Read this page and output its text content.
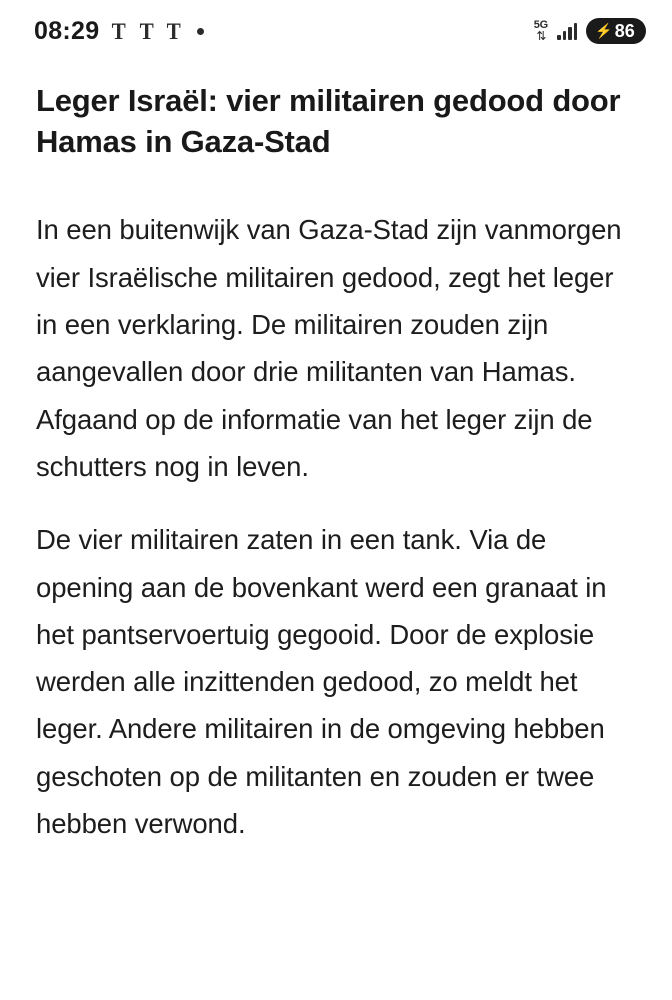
08:29 T T T	5G
⇅	⚡ 86
Leger Israël: vier militairen gedood door Hamas in Gaza-Stad

In een buitenwijk van Gaza-Stad zijn vanmorgen vier Israëlische militairen gedood, zegt het leger in een verklaring. De militairen zouden zijn aangevallen door drie militanten van Hamas. Afgaand op de informatie van het leger zijn de schutters nog in leven.

De vier militairen zaten in een tank. Via de opening aan de bovenkant werd een granaat in het pantservoertuig gegooid. Door de explosie werden alle inzittenden gedood, zo meldt het leger. Andere militairen in de omgeving hebben geschoten op de militanten en zouden er twee hebben verwond.
